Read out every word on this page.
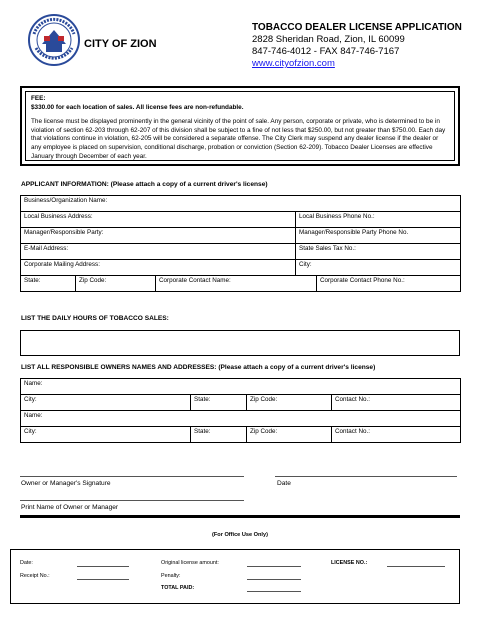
CITY OF ZION
TOBACCO DEALER LICENSE APPLICATION
2828 Sheridan Road, Zion, IL 60099
847-746-4012 - FAX 847-746-7167
www.cityofzion.com
FEE:
$330.00 for each location of sales. All license fees are non-refundable.
The license must be displayed prominently in the general vicinity of the point of sale. Any person, corporate or private, who is determined to be in violation of section 62-203 through 62-207 of this division shall be subject to a fine of not less that $250.00, but not greater than $750.00. Each day that violations continue in violation, 62-205 will be considered a separate offense. The City Clerk may suspend any dealer license if the dealer or any employee is placed on supervision, conditional discharge, probation or conviction (Section 62-209). Tobacco Dealer Licenses are effective January through December of each year.
APPLICANT INFORMATION: (Please attach a copy of a current driver's license)
Business/Organization Name:				
Local Business Address:			Local Business Phone No.:	
Manager/Responsible Party:			Manager/Responsible Party Phone No.	
E-Mail Address:			State Sales Tax No.:	
Corporate Mailing Address:			City:	
State:	Zip Code:	Corporate Contact Name:		Corporate Contact Phone No.:
LIST THE DAILY HOURS OF TOBACCO SALES:
LIST ALL RESPONSIBLE OWNERS NAMES AND ADDRESSES: (Please attach a copy of a current driver's license)
Name:			
City:	State:	Zip Code:	Contact No.:
Name:			
City:	State:	Zip Code:	Contact No.:
Owner or Manager's Signature	Date
Print Name of Owner or Manager
(For Office Use Only)
Date:
Receipt No.:
Original license amount:
Penalty:
TOTAL PAID:
LICENSE NO.:
